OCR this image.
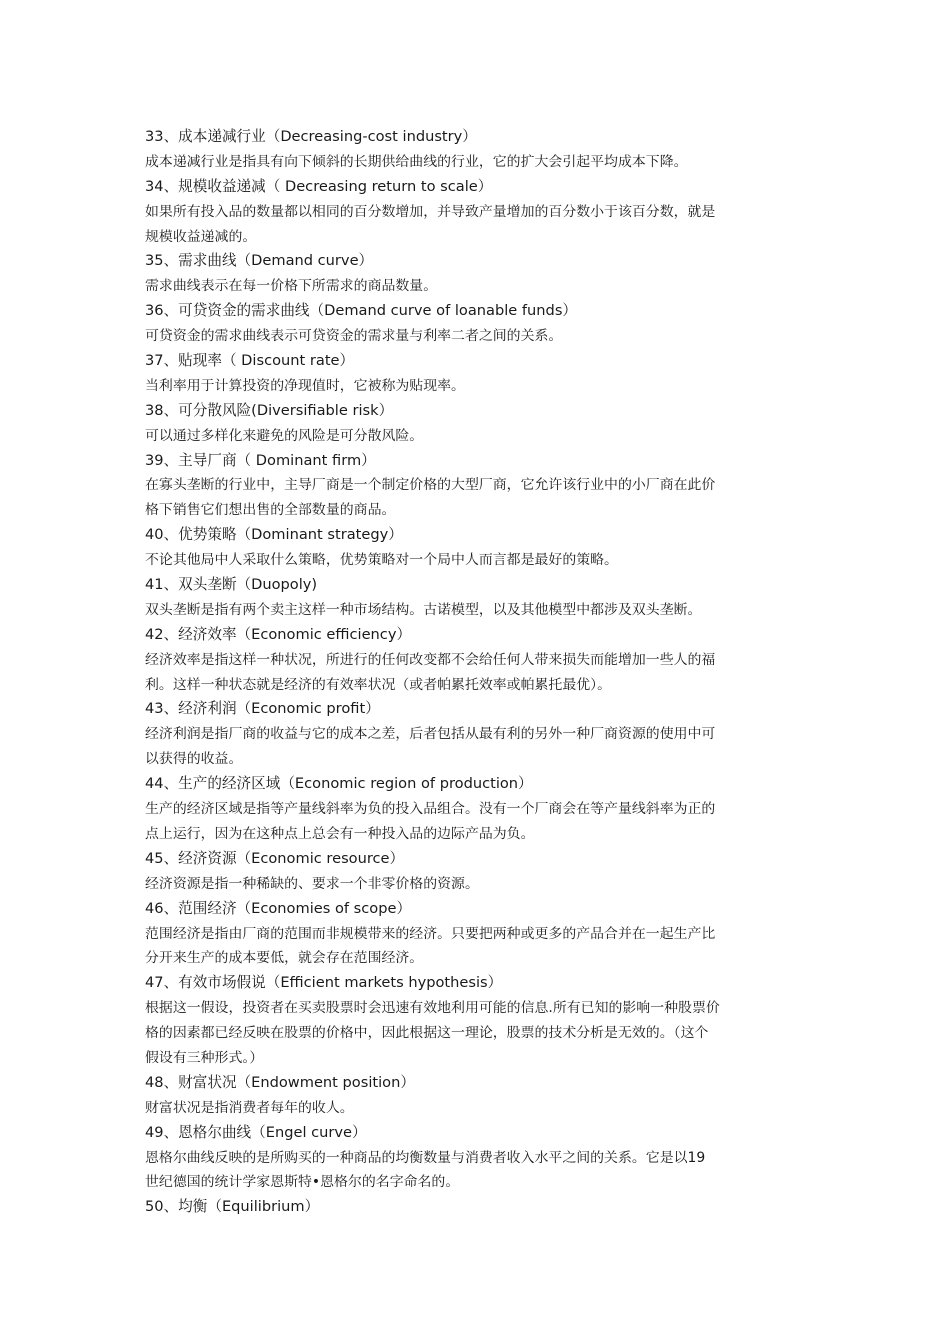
33、成本递减行业（Decreasing-cost industry）
成本递减行业是指具有向下倾斜的长期供给曲线的行业，它的扩大会引起平均成本下降。
34、规模收益递减（ Decreasing return to scale）
如果所有投入品的数量都以相同的百分数增加，并导致产量增加的百分数小于该百分数，就是
规模收益递减的。
35、需求曲线（Demand curve）
需求曲线表示在每一价格下所需求的商品数量。
36、可贷资金的需求曲线（Demand curve of loanable funds）
可贷资金的需求曲线表示可贷资金的需求量与利率二者之间的关系。
37、贴现率（ Discount rate）
当利率用于计算投资的净现值时，它被称为贴现率。
38、可分散风险(Diversifiable risk）
可以通过多样化来避免的风险是可分散风险。
39、主导厂商（ Dominant firm）
在寡头垄断的行业中，主导厂商是一个制定价格的大型厂商，它允许该行业中的小厂商在此价
格下销售它们想出售的全部数量的商品。
40、优势策略（Dominant strategy）
不论其他局中人采取什么策略，优势策略对一个局中人而言都是最好的策略。
41、双头垄断（Duopoly)
双头垄断是指有两个卖主这样一种市场结构。古诺模型，以及其他模型中都涉及双头垄断。
42、经济效率（Economic efficiency）
经济效率是指这样一种状况，所进行的任何改变都不会给任何人带来损失而能增加一些人的福
利。这样一种状态就是经济的有效率状况（或者帕累托效率或帕累托最优）。
43、经济利润（Economic profit）
经济利润是指厂商的收益与它的成本之差，后者包括从最有利的另外一种厂商资源的使用中可
以获得的收益。
44、生产的经济区域（Economic region of production）
生产的经济区域是指等产量线斜率为负的投入品组合。没有一个厂商会在等产量线斜率为正的
点上运行，因为在这种点上总会有一种投入品的边际产品为负。
45、经济资源（Economic resource）
经济资源是指一种稀缺的、要求一个非零价格的资源。
46、范围经济（Economies of scope）
范围经济是指由厂商的范围而非规模带来的经济。只要把两种或更多的产品合并在一起生产比
分开来生产的成本要低，就会存在范围经济。
47、有效市场假说（Efficient markets hypothesis）
根据这一假设，投资者在买卖股票时会迅速有效地利用可能的信息.所有已知的影响一种股票价
格的因素都已经反映在股票的价格中，因此根据这一理论，股票的技术分析是无效的。（这个
假设有三种形式。）
48、财富状况（Endowment position）
财富状况是指消费者每年的收人。
49、恩格尔曲线（Engel curve）
恩格尔曲线反映的是所购买的一种商品的均衡数量与消费者收入水平之间的关系。它是以19
世纪德国的统计学家恩斯特•恩格尔的名字命名的。
50、均衡（Equilibrium）
